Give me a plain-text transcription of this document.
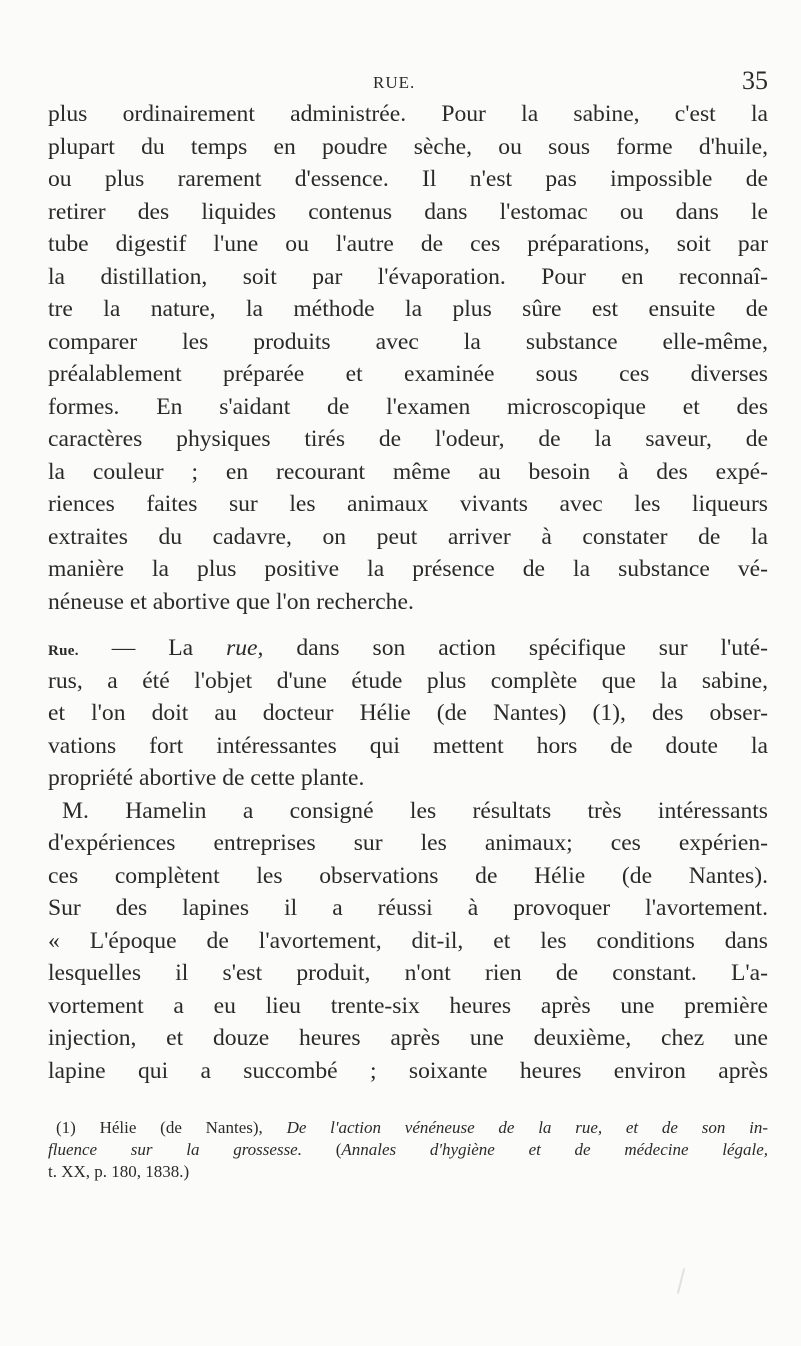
RUE.	35
plus ordinairement administrée. Pour la sabine, c'est la
plupart du temps en poudre sèche, ou sous forme d'huile,
ou plus rarement d'essence. Il n'est pas impossible de
retirer des liquides contenus dans l'estomac ou dans le
tube digestif l'une ou l'autre de ces préparations, soit par
la distillation, soit par l'évaporation. Pour en reconnaî-
tre la nature, la méthode la plus sûre est ensuite de
comparer les produits avec la substance elle-même,
préalablement préparée et examinée sous ces diverses
formes. En s'aidant de l'examen microscopique et des
caractères physiques tirés de l'odeur, de la saveur, de
la couleur ; en recourant même au besoin à des expé-
riences faites sur les animaux vivants avec les liqueurs
extraites du cadavre, on peut arriver à constater de la
manière la plus positive la présence de la substance vé-
néneuse et abortive que l'on recherche.
Rue. — La rue, dans son action spécifique sur l'uté-
rus, a été l'objet d'une étude plus complète que la sabine,
et l'on doit au docteur Hélie (de Nantes) (1), des obser-
vations fort intéressantes qui mettent hors de doute la
propriété abortive de cette plante.
M. Hamelin a consigné les résultats très intéressants
d'expériences entreprises sur les animaux; ces expérien-
ces complètent les observations de Hélie (de Nantes).
Sur des lapines il a réussi à provoquer l'avortement.
« L'époque de l'avortement, dit-il, et les conditions dans
lesquelles il s'est produit, n'ont rien de constant. L'a-
vortement a eu lieu trente-six heures après une première
injection, et douze heures après une deuxième, chez une
lapine qui a succombé ; soixante heures environ après
(1) Hélie (de Nantes), De l'action vénéneuse de la rue, et de son in-
fluence sur la grossesse. (Annales d'hygiène et de médecine légale,
t. XX, p. 180, 1838.)
